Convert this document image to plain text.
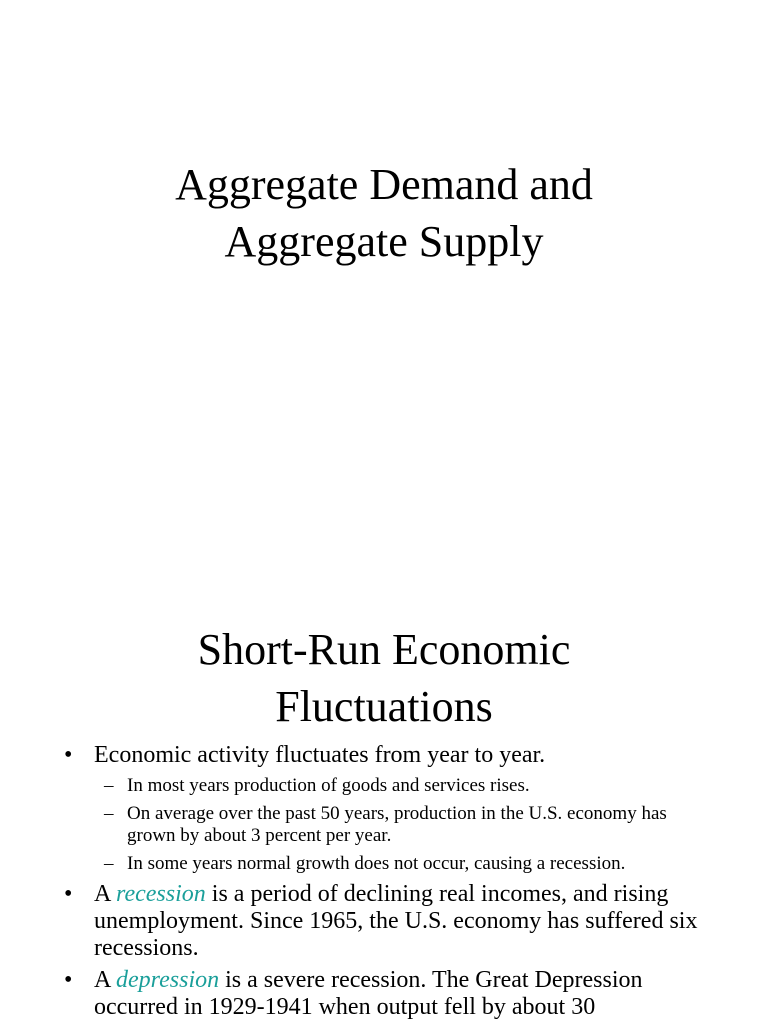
Aggregate Demand and
Aggregate Supply
Short-Run Economic
Fluctuations
• Economic activity fluctuates from year to year.
– In most years production of goods and services rises.
– On average over the past 50 years, production in the U.S. economy has grown by about 3 percent per year.
– In some years normal growth does not occur, causing a recession.
• A recession is a period of declining real incomes, and rising unemployment. Since 1965, the U.S. economy has suffered six recessions.
• A depression is a severe recession. The Great Depression occurred in 1929-1941 when output fell by about 30
